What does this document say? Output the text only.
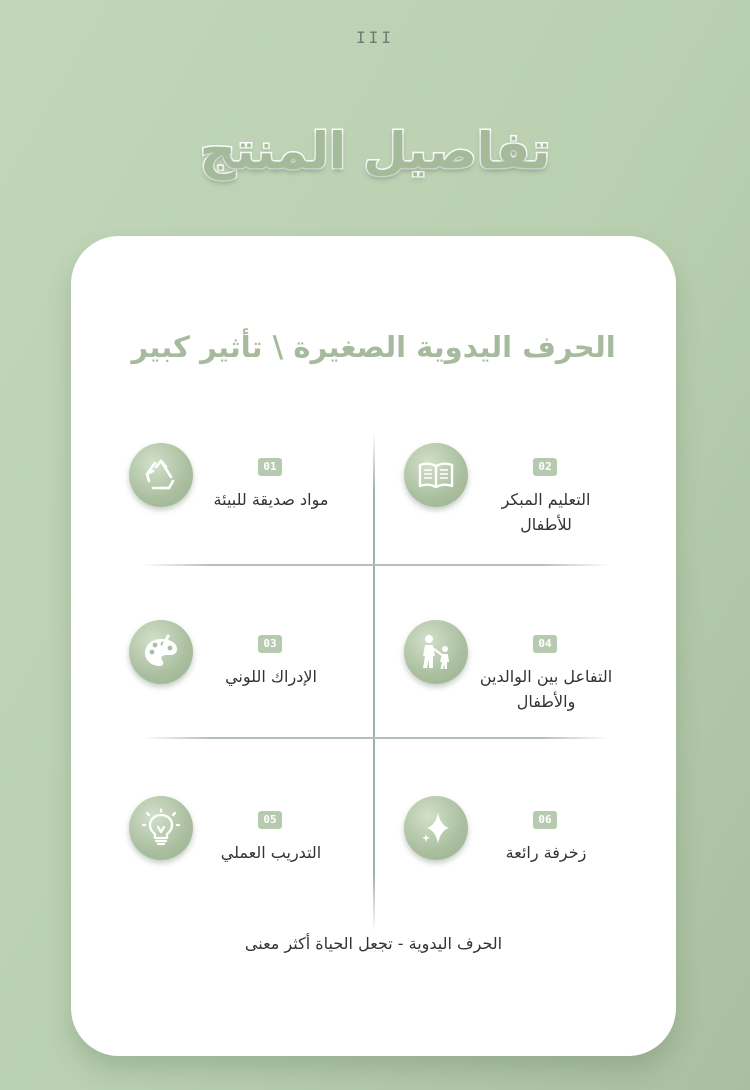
III
تفاصيل المنتج
الحرف اليدوية الصغيرة \ تأثير كبير
01
مواد صديقة للبيئة
02
التعليم المبكر للأطفال
03
الإدراك اللوني
04
التفاعل بين الوالدين والأطفال
05
التدريب العملي
06
زخرفة رائعة
الحرف اليدوية - تجعل الحياة أكثر معنى
